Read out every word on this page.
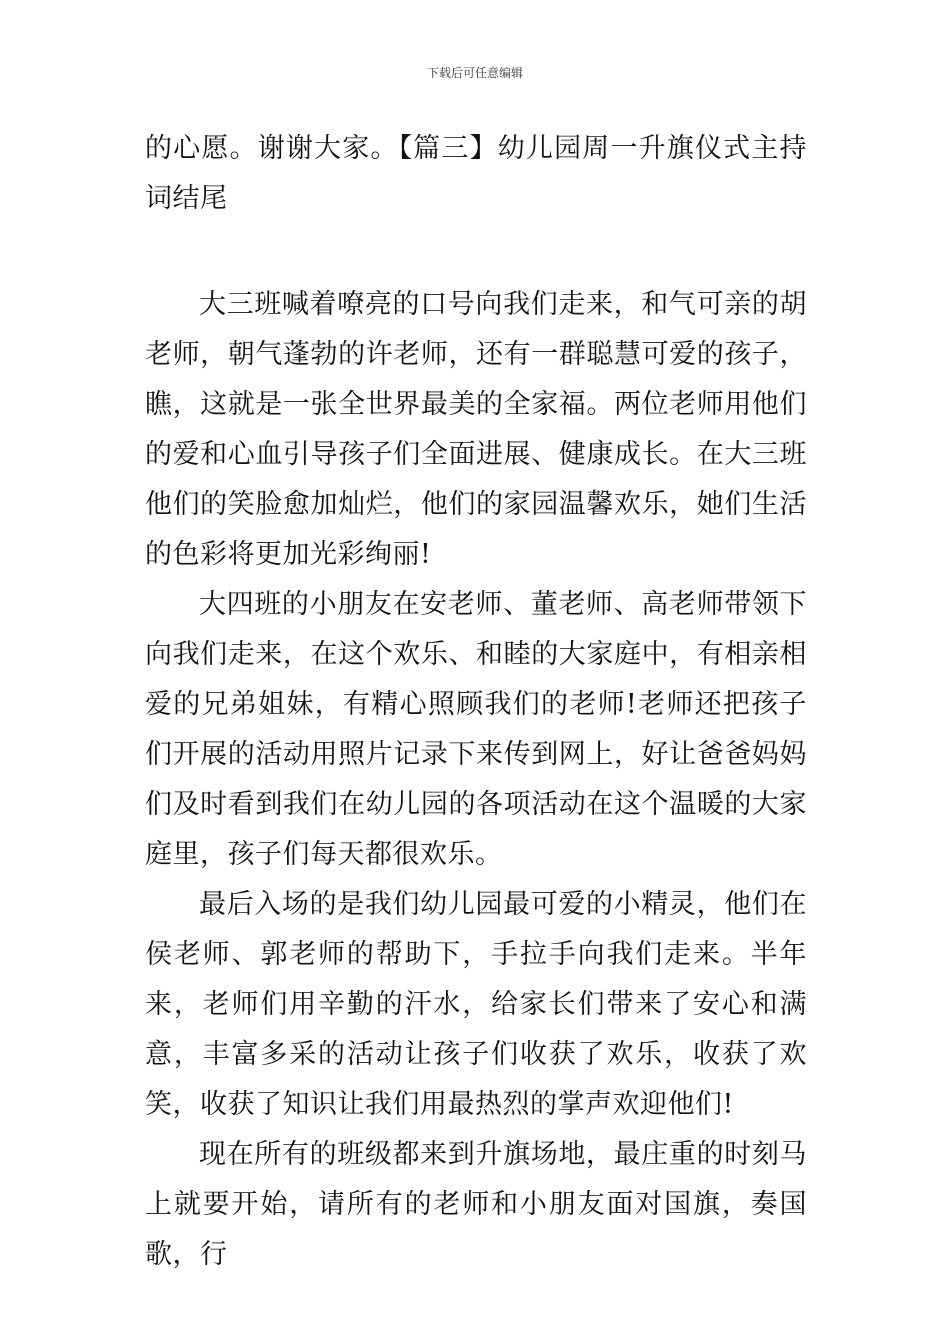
下载后可任意编辑

的心愿。谢谢大家。【篇三】幼儿园周一升旗仪式主持词结尾

大三班喊着嘹亮的口号向我们走来，和气可亲的胡老师，朝气蓬勃的许老师，还有一群聪慧可爱的孩子，瞧，这就是一张全世界最美的全家福。两位老师用他们的爱和心血引导孩子们全面进展、健康成长。在大三班他们的笑脸愈加灿烂，他们的家园温馨欢乐，她们生活的色彩将更加光彩绚丽!

大四班的小朋友在安老师、董老师、高老师带领下向我们走来，在这个欢乐、和睦的大家庭中，有相亲相爱的兄弟姐妹，有精心照顾我们的老师!老师还把孩子们开展的活动用照片记录下来传到网上，好让爸爸妈妈们及时看到我们在幼儿园的各项活动在这个温暖的大家庭里，孩子们每天都很欢乐。

最后入场的是我们幼儿园最可爱的小精灵，他们在侯老师、郭老师的帮助下，手拉手向我们走来。半年来，老师们用辛勤的汗水，给家长们带来了安心和满意，丰富多采的活动让孩子们收获了欢乐，收获了欢笑，收获了知识让我们用最热烈的掌声欢迎他们!

现在所有的班级都来到升旗场地，最庄重的时刻马上就要开始，请所有的老师和小朋友面对国旗，奏国歌，行
